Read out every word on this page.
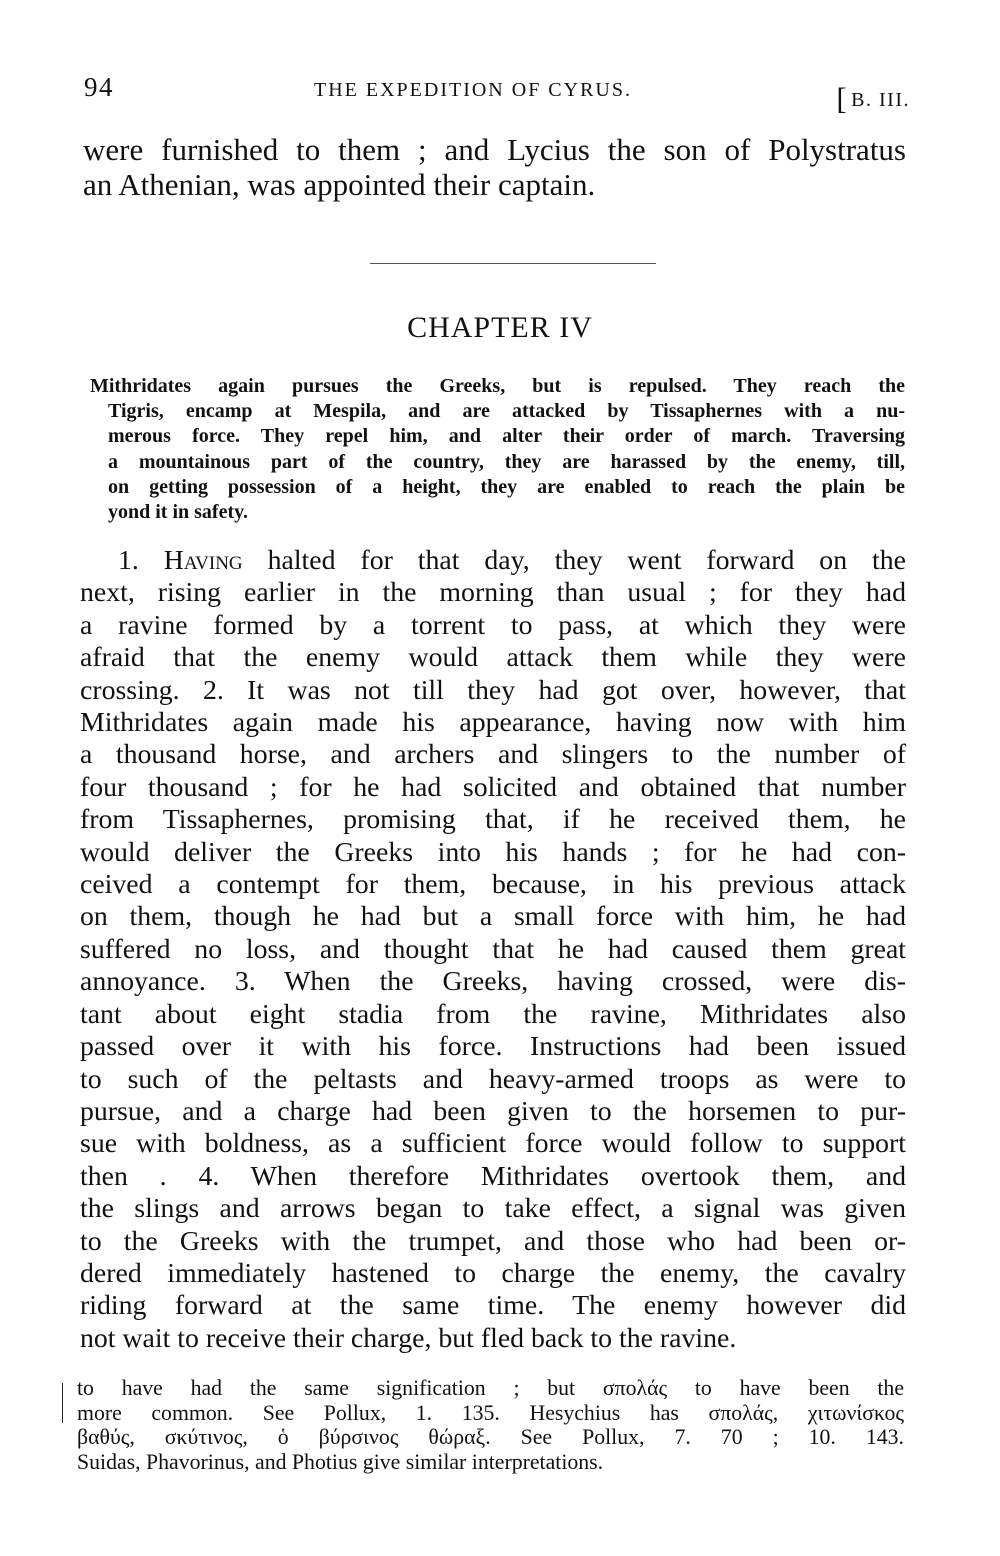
94	THE EXPEDITION OF CYRUS.	[ B. III.
were furnished to them ; and Lycius the son of Polystratus
an Athenian, was appointed their captain.
CHAPTER IV
Mithridates again pursues the Greeks, but is repulsed. They reach the
Tigris, encamp at Mespila, and are attacked by Tissaphernes with a nu-
merous force. They repel him, and alter their order of march. Traversing
a mountainous part of the country, they are harassed by the enemy, till,
on getting possession of a height, they are enabled to reach the plain be
yond it in safety.
1. Having halted for that day, they went forward on the
next, rising earlier in the morning than usual ; for they had
a ravine formed by a torrent to pass, at which they were
afraid that the enemy would attack them while they were
crossing. 2. It was not till they had got over, however, that
Mithridates again made his appearance, having now with him
a thousand horse, and archers and slingers to the number of
four thousand ; for he had solicited and obtained that number
from Tissaphernes, promising that, if he received them, he
would deliver the Greeks into his hands ; for he had con-
ceived a contempt for them, because, in his previous attack
on them, though he had but a small force with him, he had
suffered no loss, and thought that he had caused them great
annoyance. 3. When the Greeks, having crossed, were dis-
tant about eight stadia from the ravine, Mithridates also
passed over it with his force. Instructions had been issued
to such of the peltasts and heavy-armed troops as were to
pursue, and a charge had been given to the horsemen to pur-
sue with boldness, as a sufficient force would follow to support
then . 4. When therefore Mithridates overtook them, and
the slings and arrows began to take effect, a signal was given
to the Greeks with the trumpet, and those who had been or-
dered immediately hastened to charge the enemy, the cavalry
riding forward at the same time. The enemy however did
not wait to receive their charge, but fled back to the ravine.
to have had the same signification ; but σπολάς to have been the
more common. See Pollux, 1. 135. Hesychius has σπολάς, χιτωνίσκος
βαθύς, σκύτινος, ὁ βύρσινος θώραξ. See Pollux, 7. 70 ; 10. 143.
Suidas, Phavorinus, and Photius give similar interpretations.
